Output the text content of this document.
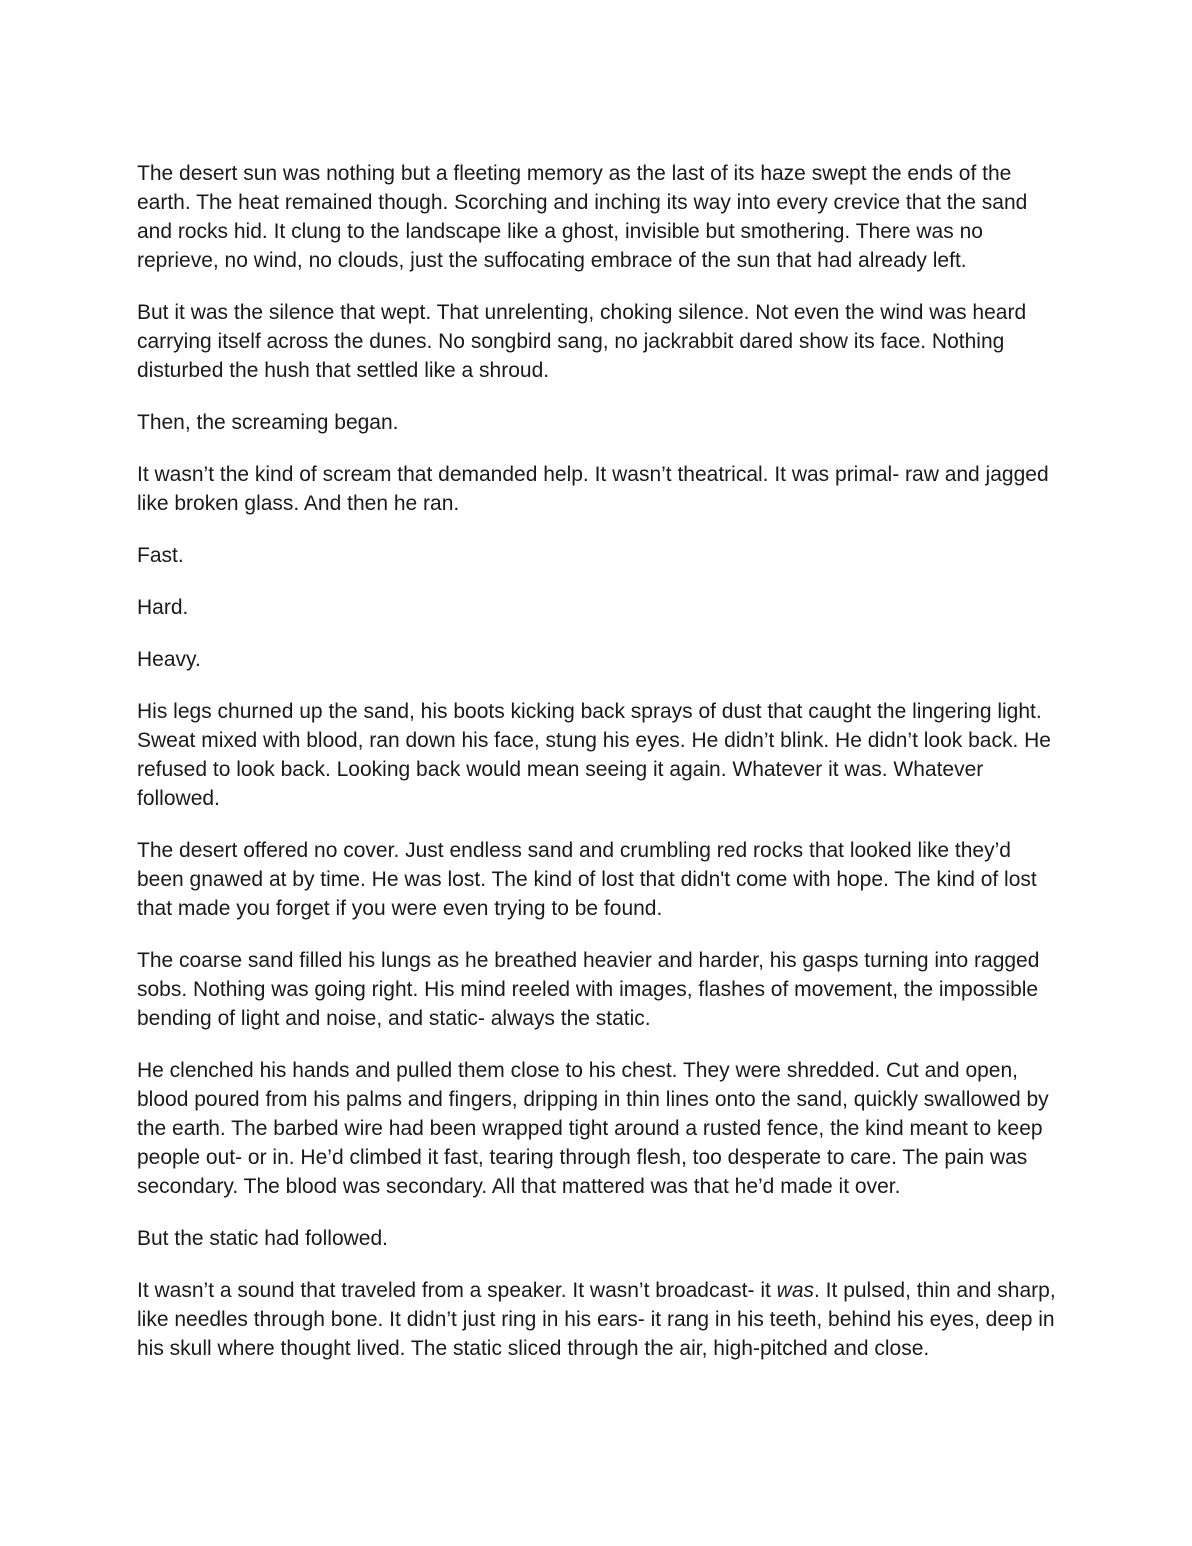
The desert sun was nothing but a fleeting memory as the last of its haze swept the ends of the earth. The heat remained though. Scorching and inching its way into every crevice that the sand and rocks hid. It clung to the landscape like a ghost, invisible but smothering. There was no reprieve, no wind, no clouds, just the suffocating embrace of the sun that had already left.

But it was the silence that wept. That unrelenting, choking silence. Not even the wind was heard carrying itself across the dunes. No songbird sang, no jackrabbit dared show its face. Nothing disturbed the hush that settled like a shroud.

Then, the screaming began.

It wasn’t the kind of scream that demanded help. It wasn’t theatrical. It was primal- raw and jagged like broken glass. And then he ran.

Fast.

Hard.

Heavy.

His legs churned up the sand, his boots kicking back sprays of dust that caught the lingering light. Sweat mixed with blood, ran down his face, stung his eyes. He didn’t blink. He didn’t look back. He refused to look back. Looking back would mean seeing it again. Whatever it was. Whatever followed.

The desert offered no cover. Just endless sand and crumbling red rocks that looked like they’d been gnawed at by time. He was lost. The kind of lost that didn't come with hope. The kind of lost that made you forget if you were even trying to be found.

The coarse sand filled his lungs as he breathed heavier and harder, his gasps turning into ragged sobs. Nothing was going right. His mind reeled with images, flashes of movement, the impossible bending of light and noise, and static- always the static.

He clenched his hands and pulled them close to his chest. They were shredded. Cut and open, blood poured from his palms and fingers, dripping in thin lines onto the sand, quickly swallowed by the earth. The barbed wire had been wrapped tight around a rusted fence, the kind meant to keep people out- or in. He’d climbed it fast, tearing through flesh, too desperate to care. The pain was secondary. The blood was secondary. All that mattered was that he’d made it over.

But the static had followed.

It wasn’t a sound that traveled from a speaker. It wasn’t broadcast- it was. It pulsed, thin and sharp, like needles through bone. It didn’t just ring in his ears- it rang in his teeth, behind his eyes, deep in his skull where thought lived. The static sliced through the air, high-pitched and close.
